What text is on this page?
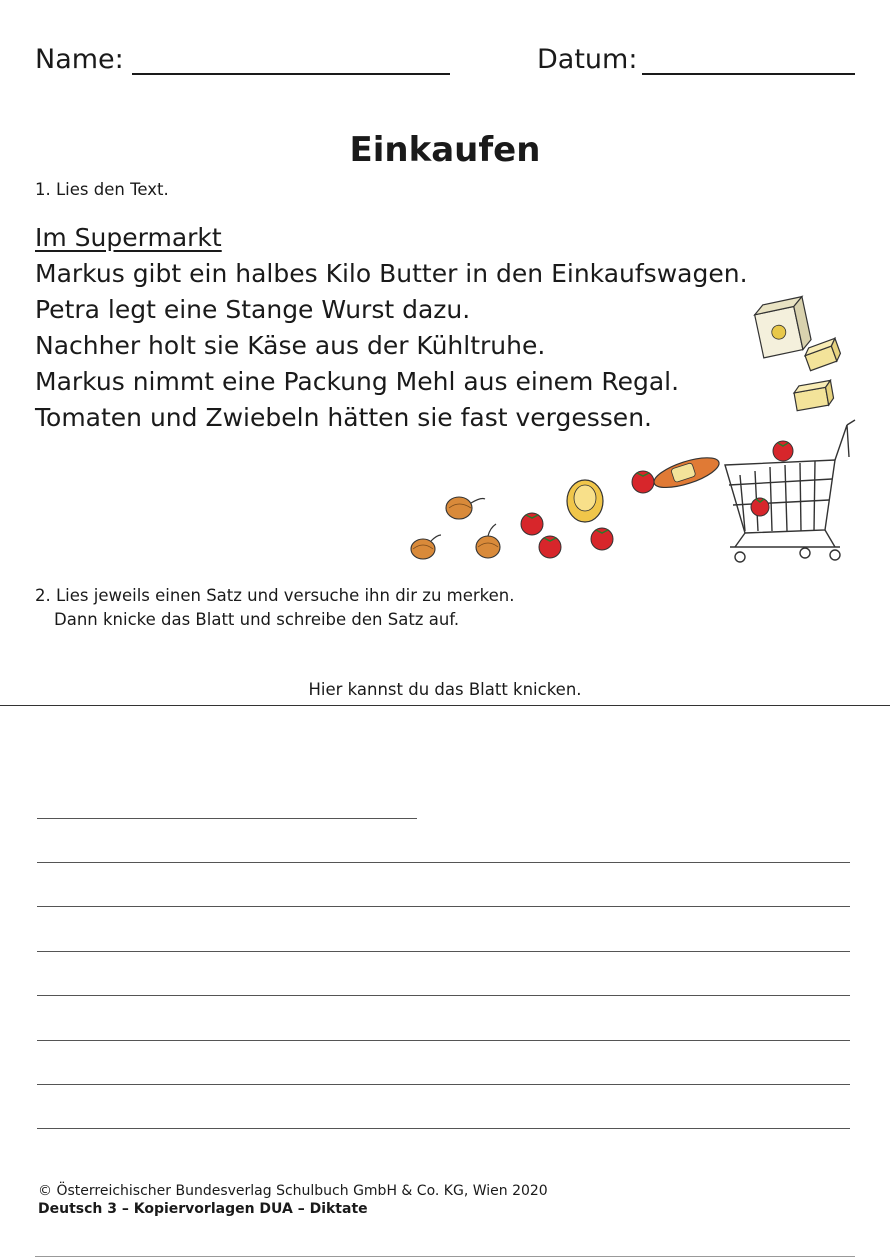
Name:	Datum:
Einkaufen
1. Lies den Text.
Im Supermarkt
Markus gibt ein halbes Kilo Butter in den Einkaufswagen.
Petra legt eine Stange Wurst dazu.
Nachher holt sie Käse aus der Kühltruhe.
Markus nimmt eine Packung Mehl aus einem Regal.
Tomaten und Zwiebeln hätten sie fast vergessen.
2. Lies jeweils einen Satz und versuche ihn dir zu merken.
Dann knicke das Blatt und schreibe den Satz auf.
Hier kannst du das Blatt knicken.
© Österreichischer Bundesverlag Schulbuch GmbH & Co. KG, Wien 2020
Deutsch 3 – Kopiervorlagen DUA – Diktate
